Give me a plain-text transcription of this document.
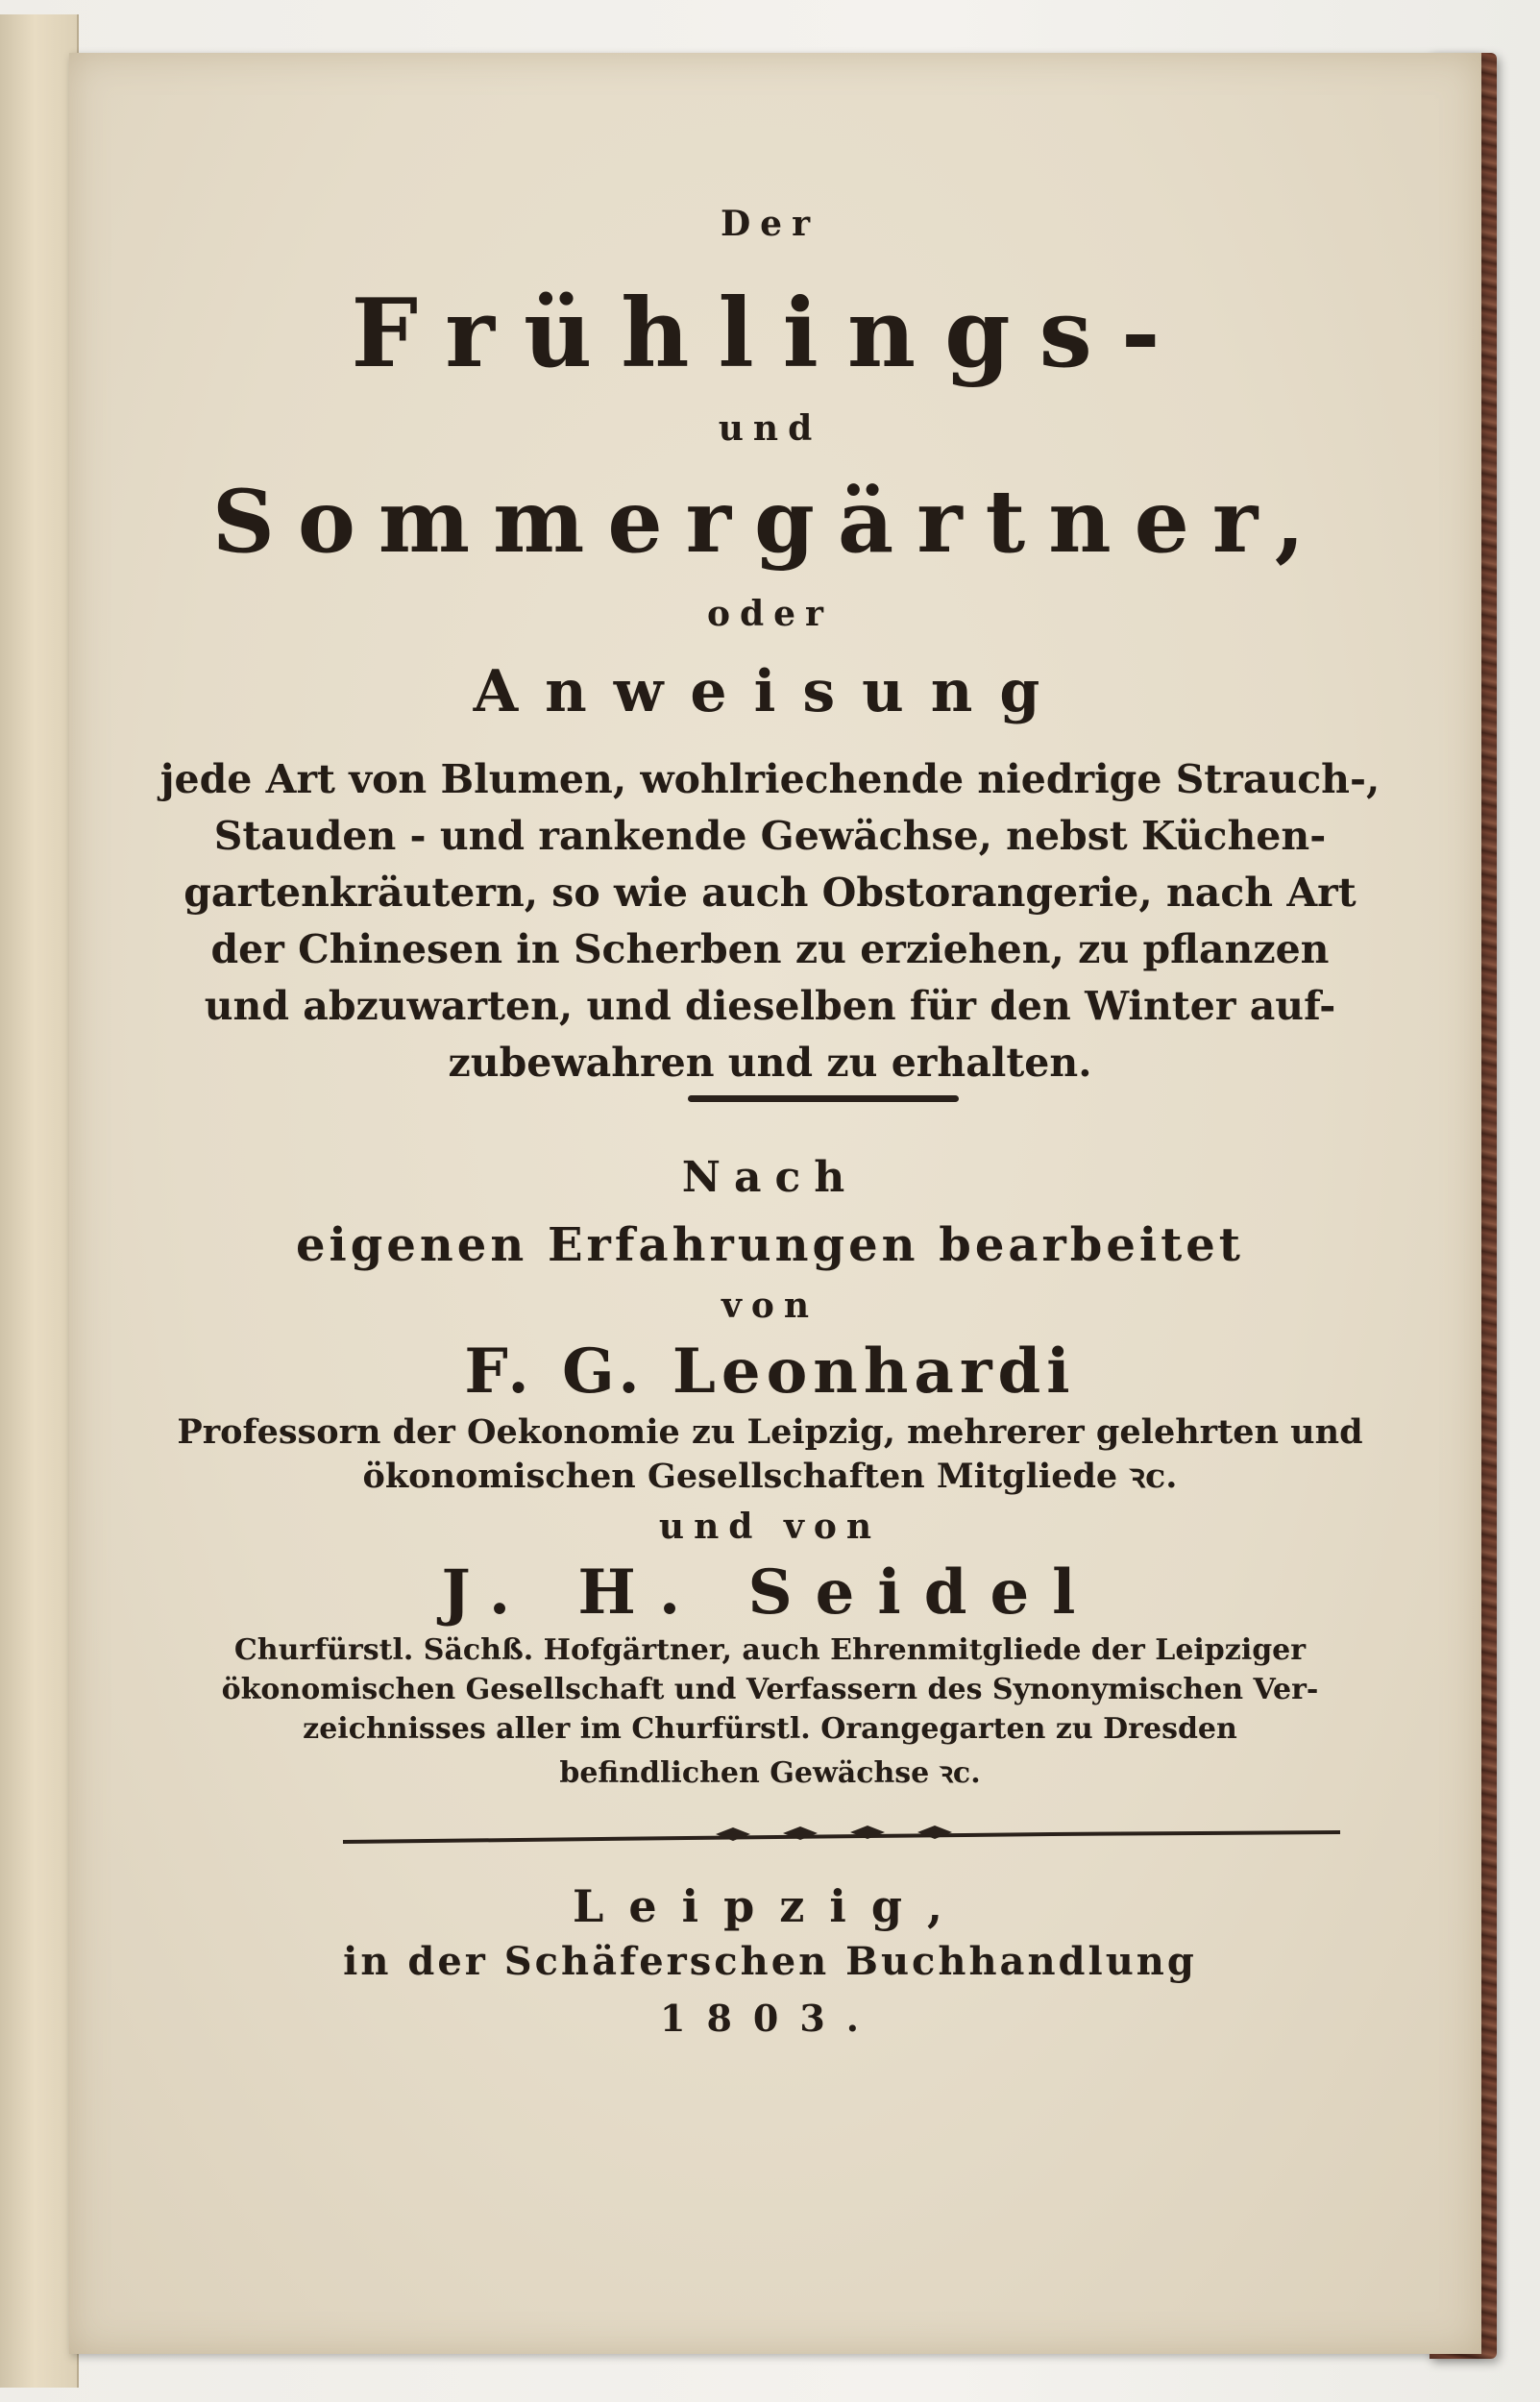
Der
Frühlings-
und
Sommergärtner,
oder
Anweisung
jede Art von Blumen, wohlriechende niedrige Strauch-,
Stauden - und rankende Gewächse, nebst Küchen-
gartenkräutern, so wie auch Obstorangerie, nach Art
der Chinesen in Scherben zu erziehen, zu pflanzen
und abzuwarten, und dieselben für den Winter auf-
zubewahren und zu erhalten.
Nach
eigenen Erfahrungen bearbeitet
von
F. G. Leonhardi
Professorn der Oekonomie zu Leipzig, mehrerer gelehrten und
ökonomischen Gesellschaften Mitgliede ꝛc.
und von
J. H. Seidel
Churfürstl. Sächß. Hofgärtner, auch Ehrenmitgliede der Leipziger
ökonomischen Gesellschaft und Verfassern des Synonymischen Ver-
zeichnisses aller im Churfürstl. Orangegarten zu Dresden
befindlichen Gewächse ꝛc.
Leipzig,
in der Schäferschen Buchhandlung
1803.
